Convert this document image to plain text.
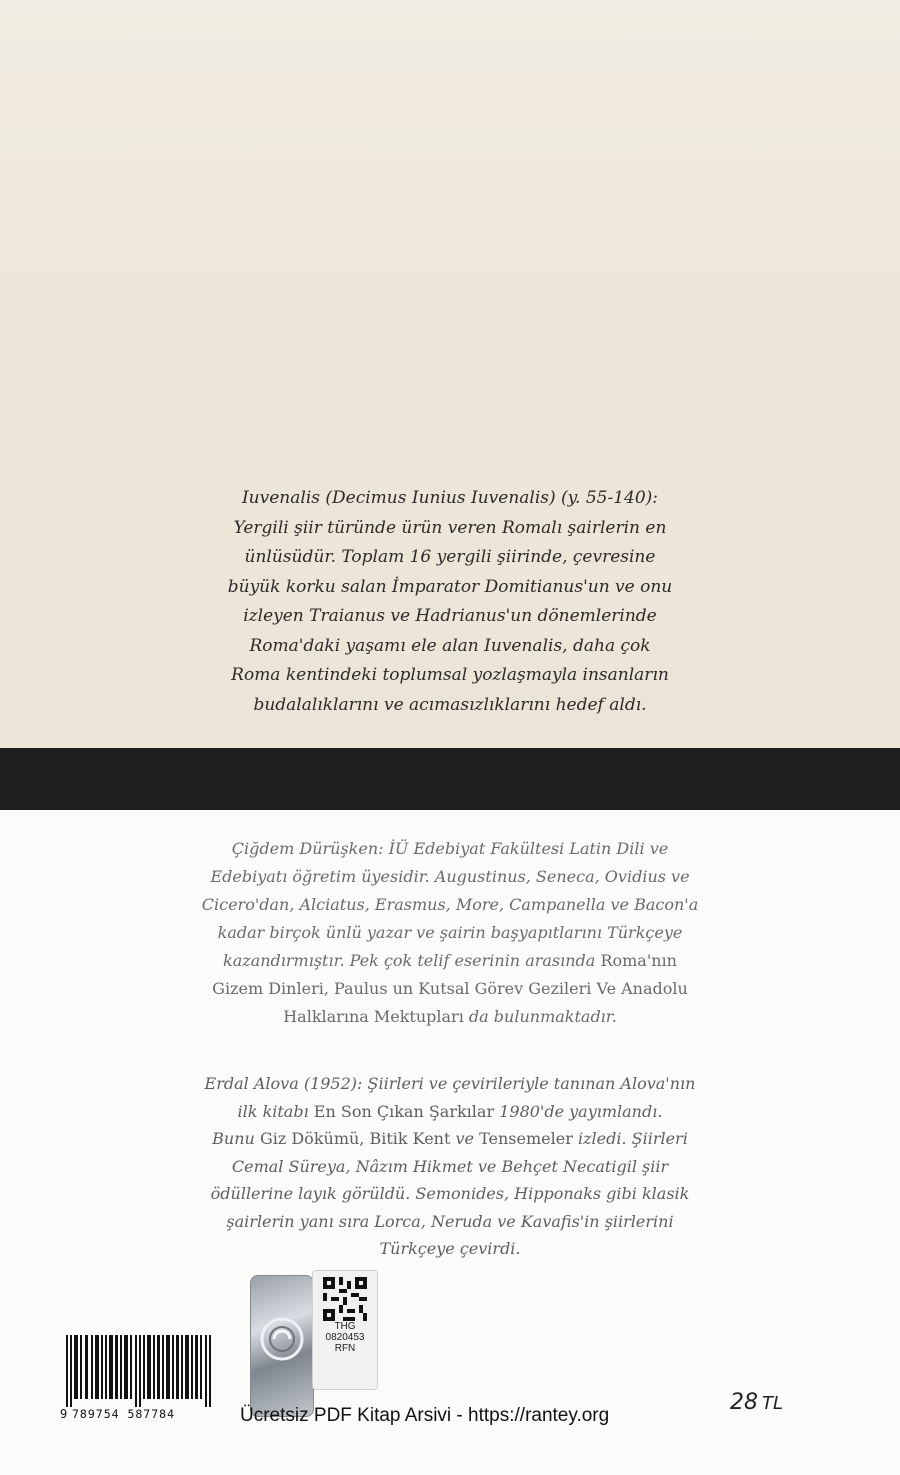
Iuvenalis (Decimus Iunius Iuvenalis) (y. 55-140):
Yergili şiir türünde ürün veren Romalı şairlerin en
ünlüsüdür. Toplam 16 yergili şiirinde, çevresine
büyük korku salan İmparator Domitianus'un ve onu
izleyen Traianus ve Hadrianus'un dönemlerinde
Roma'daki yaşamı ele alan Iuvenalis, daha çok
Roma kentindeki toplumsal yozlaşmayla insanların
budalalıklarını ve acımasızlıklarını hedef aldı.

Çiğdem Dürüşken: İÜ Edebiyat Fakültesi Latin Dili ve
Edebiyatı öğretim üyesidir. Augustinus, Seneca, Ovidius ve
Cicero'dan, Alciatus, Erasmus, More, Campanella ve Bacon'a
kadar birçok ünlü yazar ve şairin başyapıtlarını Türkçeye
kazandırmıştır. Pek çok telif eserinin arasında Roma'nın
Gizem Dinleri, Paulus un Kutsal Görev Gezileri Ve Anadolu
Halklarına Mektupları da bulunmaktadır.

Erdal Alova (1952): Şiirleri ve çevirileriyle tanınan Alova'nın
ilk kitabı En Son Çıkan Şarkılar 1980'de yayımlandı.
Bunu Giz Dökümü, Bitik Kent ve Tensemeler izledi. Şiirleri
Cemal Süreya, Nâzım Hikmet ve Behçet Necatigil şiir
ödüllerine layık görüldü. Semonides, Hipponaks gibi klasik
şairlerin yanı sıra Lorca, Neruda ve Kavafis'in şiirlerini
Türkçeye çevirdi.

THG
0820453
RFN
9 789754 587784	Ücretsiz PDF Kitap Arsivi - https://rantey.org
28 TL
